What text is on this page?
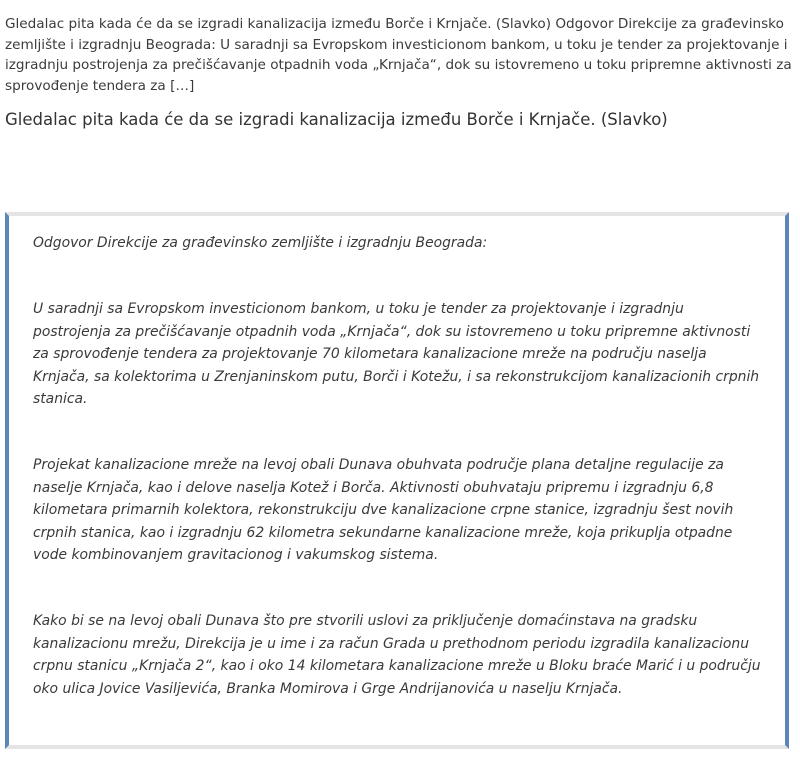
Gledalac pita kada će da se izgradi kanalizacija između Borče i Krnjače. (Slavko) Odgovor Direkcije za građevinsko zemljište i izgradnju Beograda: U saradnji sa Evropskom investicionom bankom, u toku je tender za projektovanje i izgradnju postrojenja za prečišćavanje otpadnih voda „Krnjača“, dok su istovremeno u toku pripremne aktivnosti za sprovođenje tendera za […]

Gledalac pita kada će da se izgradi kanalizacija između Borče i Krnjače. (Slavko)

Odgovor Direkcije za građevinsko zemljište i izgradnju Beograda:

U saradnji sa Evropskom investicionom bankom, u toku je tender za projektovanje i izgradnju postrojenja za prečišćavanje otpadnih voda „Krnjača“, dok su istovremeno u toku pripremne aktivnosti za sprovođenje tendera za projektovanje 70 kilometara kanalizacione mreže na području naselja Krnjača, sa kolektorima u Zrenjaninskom putu, Borči i Kotežu, i sa rekonstrukcijom kanalizacionih crpnih stanica.

Projekat kanalizacione mreže na levoj obali Dunava obuhvata područje plana detaljne regulacije za naselje Krnjača, kao i delove naselja Kotež i Borča. Aktivnosti obuhvataju pripremu i izgradnju 6,8 kilometara primarnih kolektora, rekonstrukciju dve kanalizacione crpne stanice, izgradnju šest novih crpnih stanica, kao i izgradnju 62 kilometra sekundarne kanalizacione mreže, koja prikuplja otpadne vode kombinovanjem gravitacionog i vakumskog sistema.

Kako bi se na levoj obali Dunava što pre stvorili uslovi za priključenje domaćinstava na gradsku kanalizacionu mrežu, Direkcija je u ime i za račun Grada u prethodnom periodu izgradila kanalizacionu crpnu stanicu „Krnjača 2“, kao i oko 14 kilometara kanalizacione mreže u Bloku braće Marić i u području oko ulica Jovice Vasiljevića, Branka Momirova i Grge Andrijanovića u naselju Krnjača.
